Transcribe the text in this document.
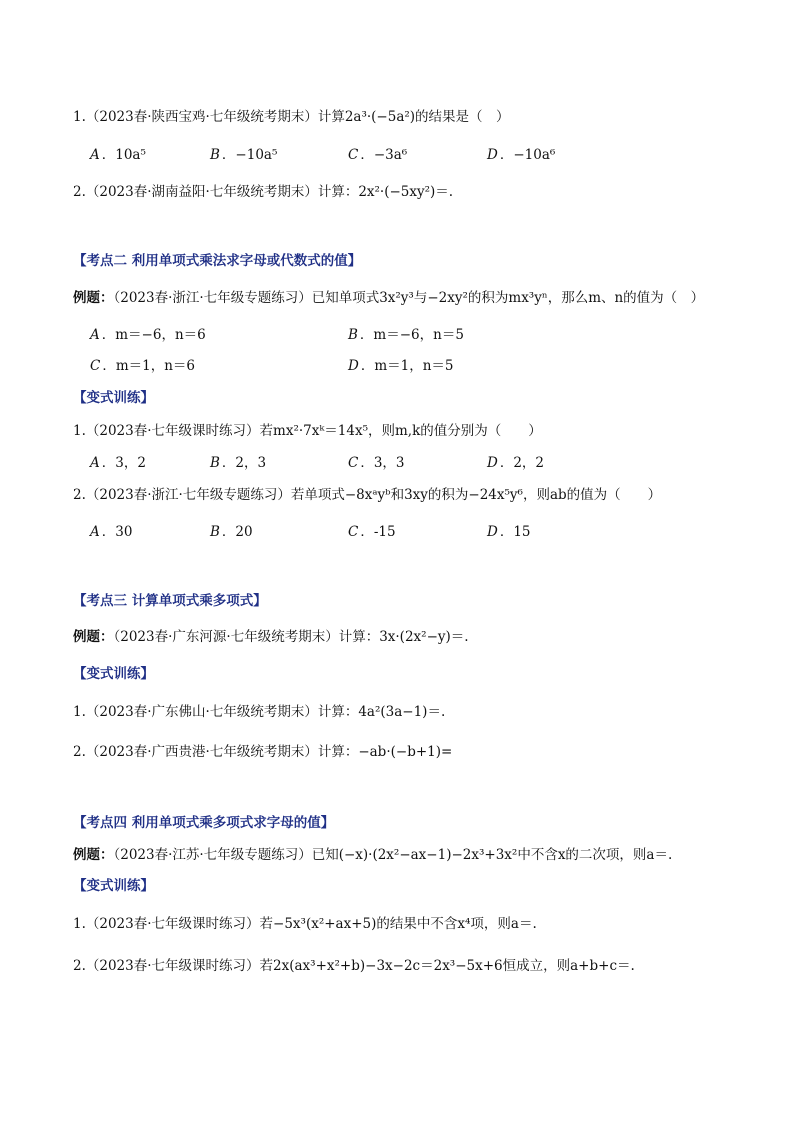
1.（2023春·陕西宝鸡·七年级统考期末）计算2a³·(−5a²)的结果是（　）
A ．10a⁵	B ．−10a⁵	C ．−3a⁶	D ．−10a⁶
2.（2023春·湖南益阳·七年级统考期末）计算：2x²·(−5xy²)＝.
【考点二 利用单项式乘法求字母或代数式的值】
例题：（2023春·浙江·七年级专题练习）已知单项式3x²y³与−2xy²的积为mx³yⁿ，那么m、n的值为（　）
A ．m＝−6，n＝6	B ．m＝−6，n＝5
C ．m＝1，n＝6	D ．m＝1，n＝5
【变式训练】
1.（2023春·七年级课时练习）若mx²·7xᵏ＝14x⁵，则m,k的值分别为（　　）
A ．3，2	B ．2，3	C ．3，3	D ．2，2
2.（2023春·浙江·七年级专题练习）若单项式−8xᵃyᵇ和3xy的积为−24x⁵y⁶，则ab的值为（　　）
A ．30	B ．20	C ．-15	D ．15
【考点三 计算单项式乘多项式】
例题：（2023春·广东河源·七年级统考期末）计算：3x·(2x²−y)＝.
【变式训练】
1.（2023春·广东佛山·七年级统考期末）计算：4a²(3a−1)＝.
2.（2023春·广西贵港·七年级统考期末）计算：−ab·(−b+1)=
【考点四 利用单项式乘多项式求字母的值】
例题：（2023春·江苏·七年级专题练习）已知(−x)·(2x²−ax−1)−2x³+3x²中不含x的二次项，则a＝.
【变式训练】
1.（2023春·七年级课时练习）若−5x³(x²+ax+5)的结果中不含x⁴项，则a＝.
2.（2023春·七年级课时练习）若2x(ax³+x²+b)−3x−2c＝2x³−5x+6恒成立，则a+b+c＝.
